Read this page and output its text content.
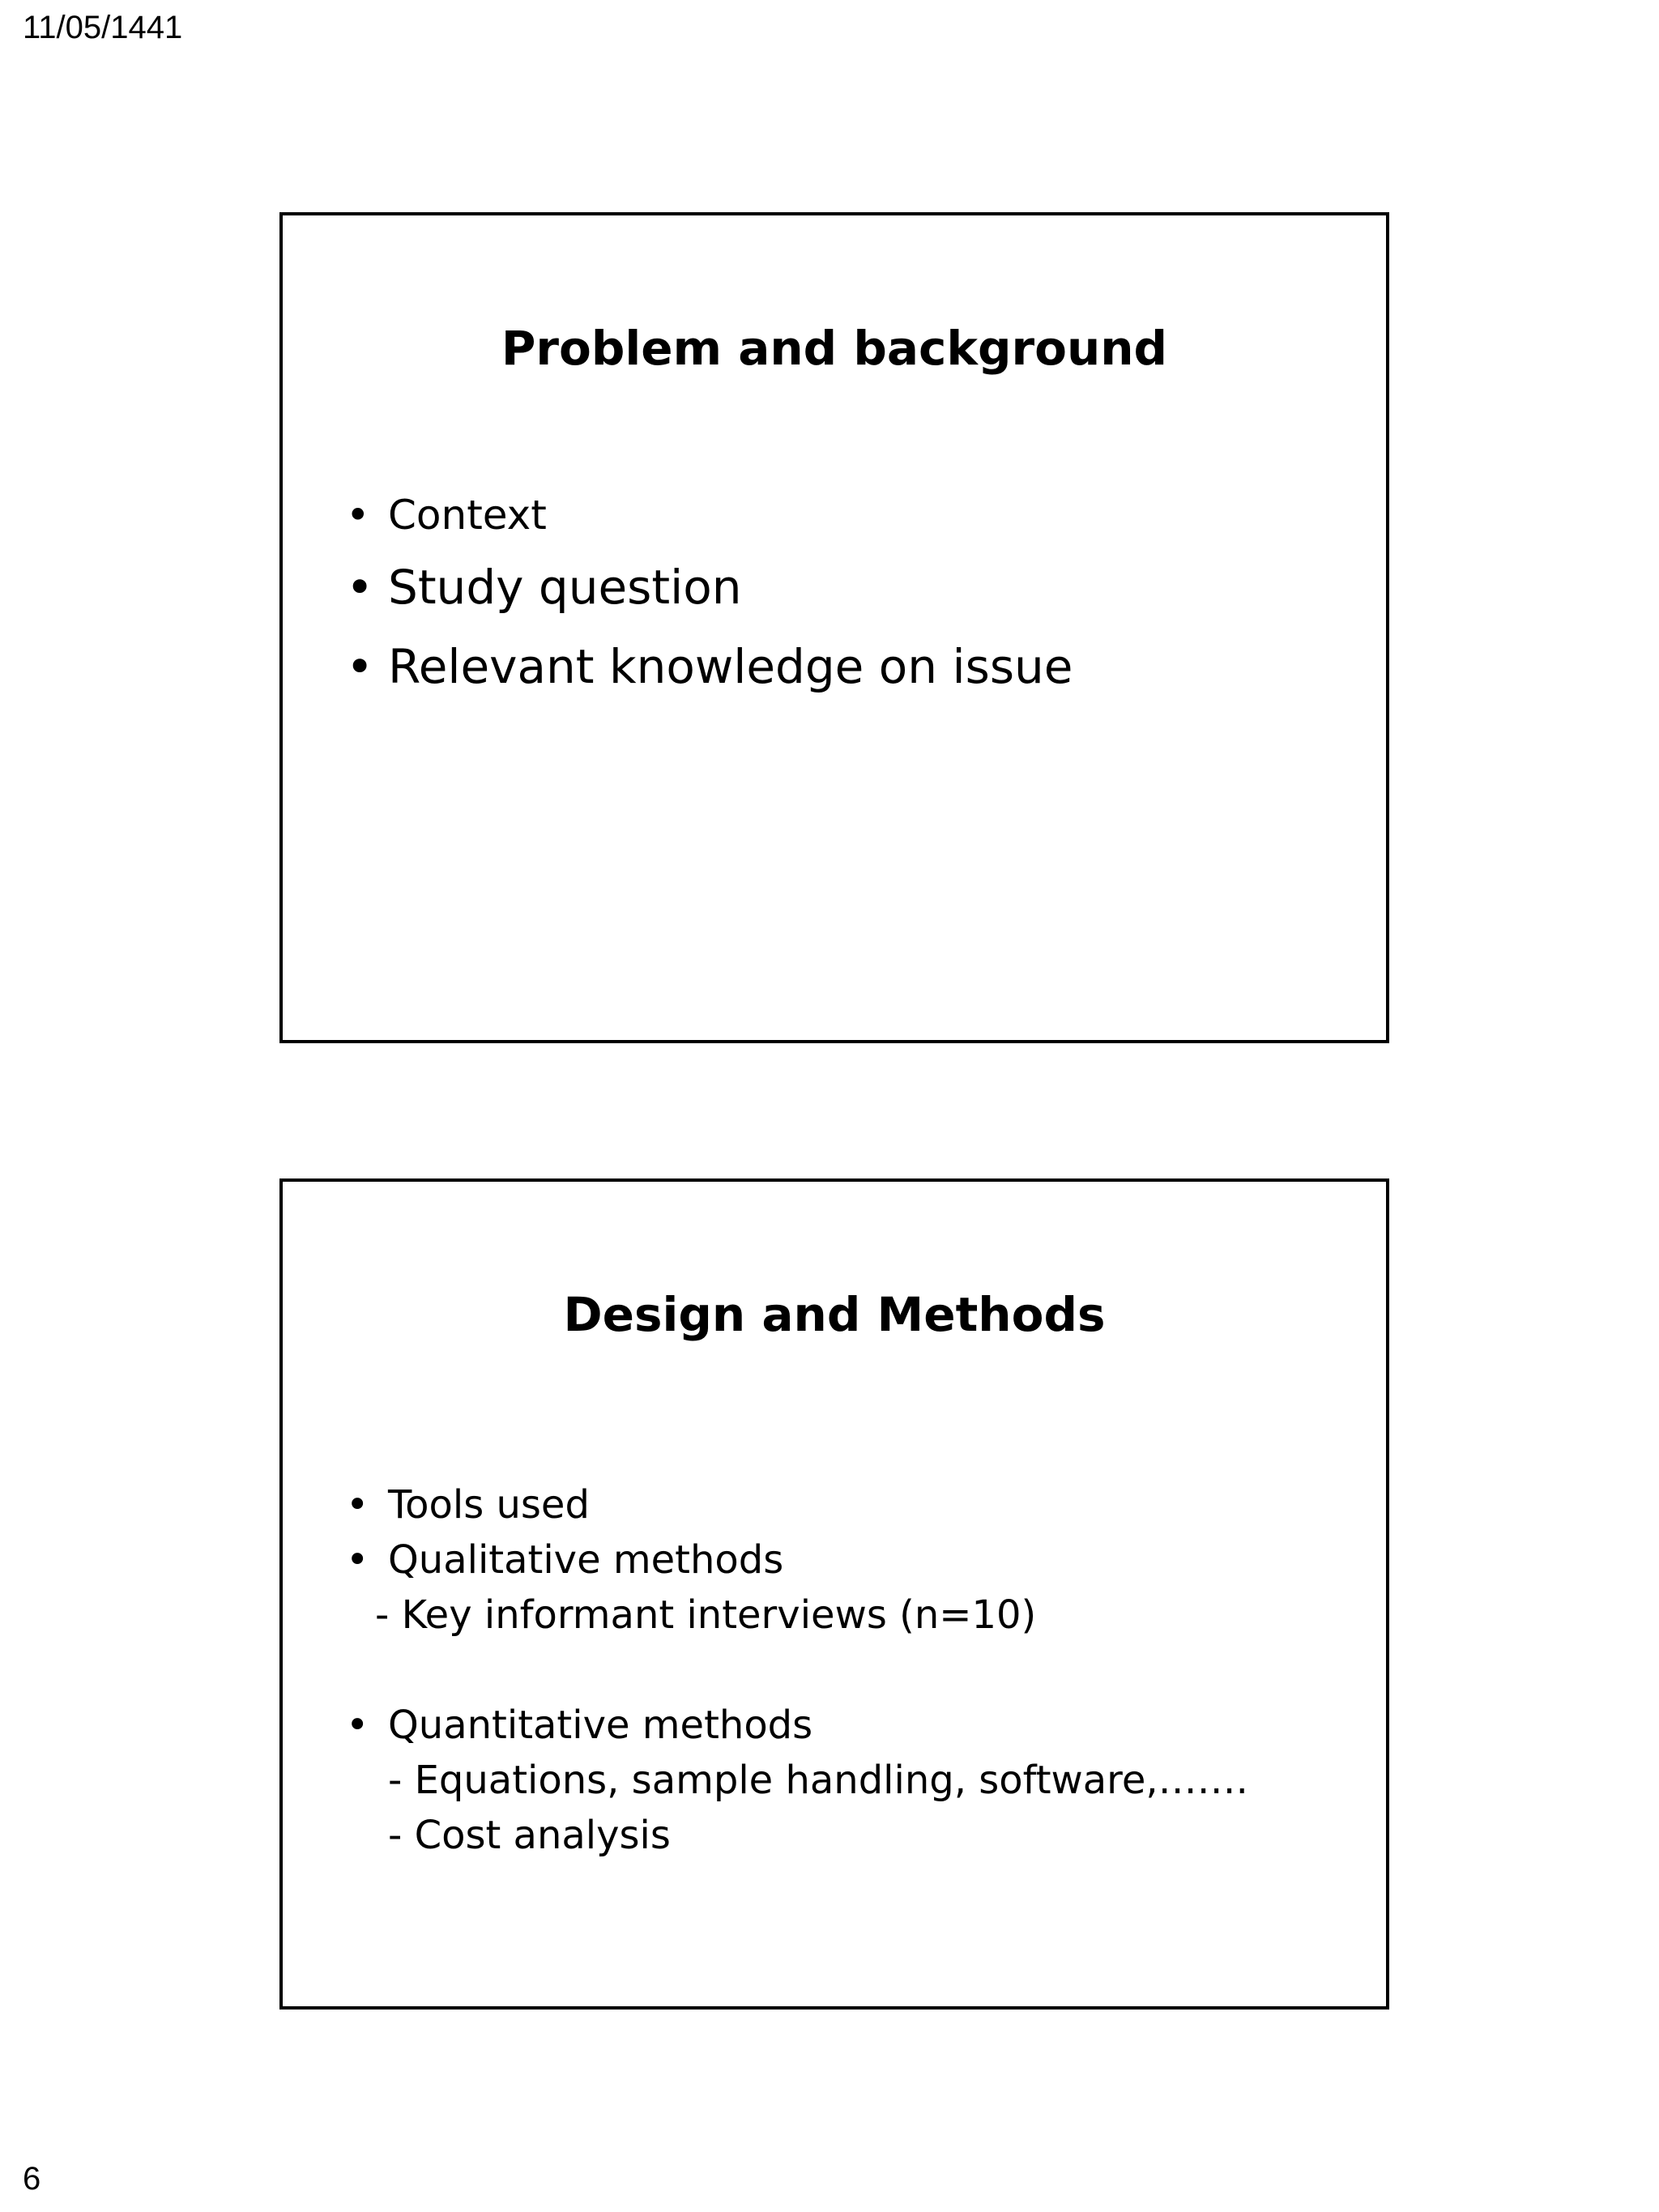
11/05/1441

Problem and background
• Context
• Study question
• Relevant knowledge on issue
Design and Methods
• Tools used
• Qualitative methods
- Key informant interviews (n=10)
• Quantitative methods
- Equations, sample handling, software,…….
- Cost analysis

6
